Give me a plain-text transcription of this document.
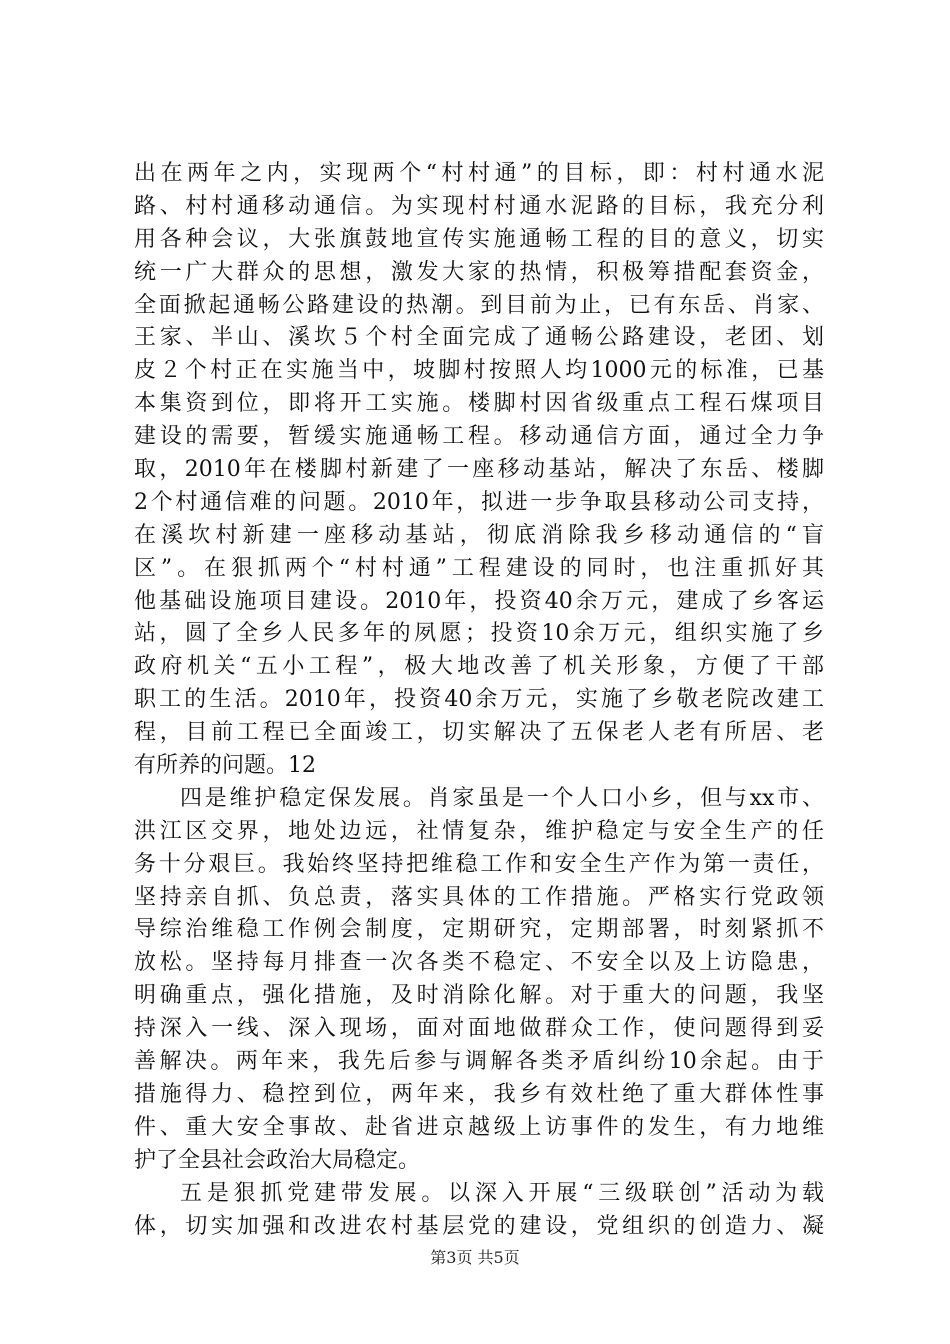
出在两年之内，实现两个“村村通”的目标，即：村村通水泥
路、村村通移动通信。为实现村村通水泥路的目标，我充分利
用各种会议，大张旗鼓地宣传实施通畅工程的目的意义，切实
统一广大群众的思想，激发大家的热情，积极筹措配套资金，
全面掀起通畅公路建设的热潮。到目前为止，已有东岳、肖家、
王家、半山、溪坎５个村全面完成了通畅公路建设，老团、划
皮２个村正在实施当中，坡脚村按照人均1000元的标准，已基
本集资到位，即将开工实施。楼脚村因省级重点工程石煤项目
建设的需要，暂缓实施通畅工程。移动通信方面，通过全力争
取，2010年在楼脚村新建了一座移动基站，解决了东岳、楼脚
2个村通信难的问题。2010年，拟进一步争取县移动公司支持，
在溪坎村新建一座移动基站，彻底消除我乡移动通信的“盲
区”。在狠抓两个“村村通”工程建设的同时，也注重抓好其
他基础设施项目建设。2010年，投资40余万元，建成了乡客运
站，圆了全乡人民多年的夙愿；投资10余万元，组织实施了乡
政府机关“五小工程”，极大地改善了机关形象，方便了干部
职工的生活。2010年，投资40余万元，实施了乡敬老院改建工
程，目前工程已全面竣工，切实解决了五保老人老有所居、老
有所养的问题。12
四是维护稳定保发展。肖家虽是一个人口小乡，但与xx市、
洪江区交界，地处边远，社情复杂，维护稳定与安全生产的任
务十分艰巨。我始终坚持把维稳工作和安全生产作为第一责任，
坚持亲自抓、负总责，落实具体的工作措施。严格实行党政领
导综治维稳工作例会制度，定期研究，定期部署，时刻紧抓不
放松。坚持每月排查一次各类不稳定、不安全以及上访隐患，
明确重点，强化措施，及时消除化解。对于重大的问题，我坚
持深入一线、深入现场，面对面地做群众工作，使问题得到妥
善解决。两年来，我先后参与调解各类矛盾纠纷10余起。由于
措施得力、稳控到位，两年来，我乡有效杜绝了重大群体性事
件、重大安全事故、赴省进京越级上访事件的发生，有力地维
护了全县社会政治大局稳定。
五是狠抓党建带发展。以深入开展“三级联创”活动为载
体，切实加强和改进农村基层党的建设，党组织的创造力、凝
第3页 共5页
